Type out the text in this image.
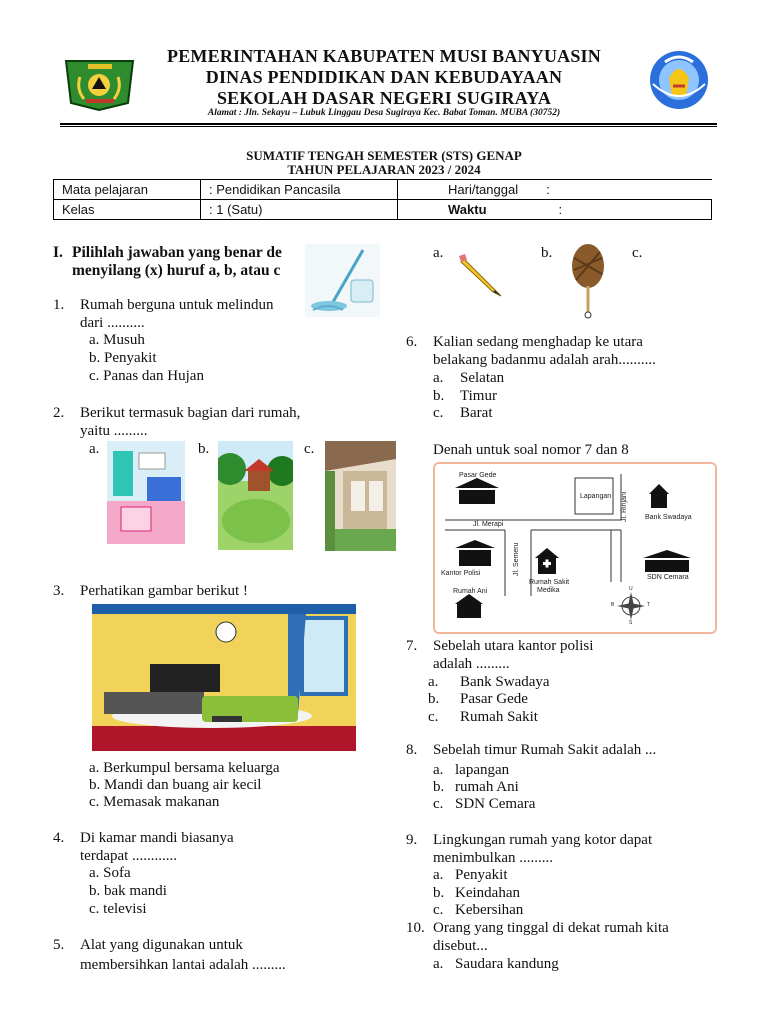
PEMERINTAHAN KABUPATEN MUSI BANYUASIN
DINAS PENDIDIKAN DAN KEBUDAYAAN
SEKOLAH DASAR NEGERI SUGIRAYA
Alamat : Jln. Sekayu – Lubuk Linggau Desa Sugiraya Kec. Babat Toman. MUBA (30752)
SUMATIF TENGAH SEMESTER (STS) GENAP
TAHUN PELAJARAN 2023 / 2024
Mata pelajaran	: Pendidikan Pancasila	Hari/tanggal :
Kelas	: 1 (Satu)	Waktu :
I. Pilihlah jawaban yang benar de
menyilang (x) huruf a, b, atau c
1. Rumah berguna untuk melindun
dari ..........
a. Musuh
b. Penyakit
c. Panas dan Hujan
2. Berikut termasuk bagian dari rumah,
yaitu .........
a.	b.	c.
3. Perhatikan gambar berikut !
a. Berkumpul bersama keluarga
b. Mandi dan buang air kecil
c. Memasak makanan
4. Di kamar mandi biasanya
terdapat ............
a. Sofa
b. bak mandi
c. televisi
5. Alat yang digunakan untuk
membersihkan lantai adalah .........
a.	b.	c.
6. Kalian sedang menghadap ke utara
belakang badanmu adalah arah..........
a. Selatan
b. Timur
c. Barat
Denah untuk soal nomor 7 dan 8
Pasar Gede
Lapangan
Bank Swadaya
Jl. Merapi
Jl. Rinjani
Jl. Semeru
Kantor Polisi
Rumah Sakit
Medika
SDN Cemara
Rumah Ani	U
S
B	T
7. Sebelah utara kantor polisi
adalah .........
a. Bank Swadaya
b. Pasar Gede
c. Rumah Sakit
8. Sebelah timur Rumah Sakit adalah ...
a. lapangan
b. rumah Ani
c. SDN Cemara
9. Lingkungan rumah yang kotor dapat
menimbulkan .........
a. Penyakit
b. Keindahan
c. Kebersihan
10. Orang yang tinggal di dekat rumah kita
disebut...
a. Saudara kandung
